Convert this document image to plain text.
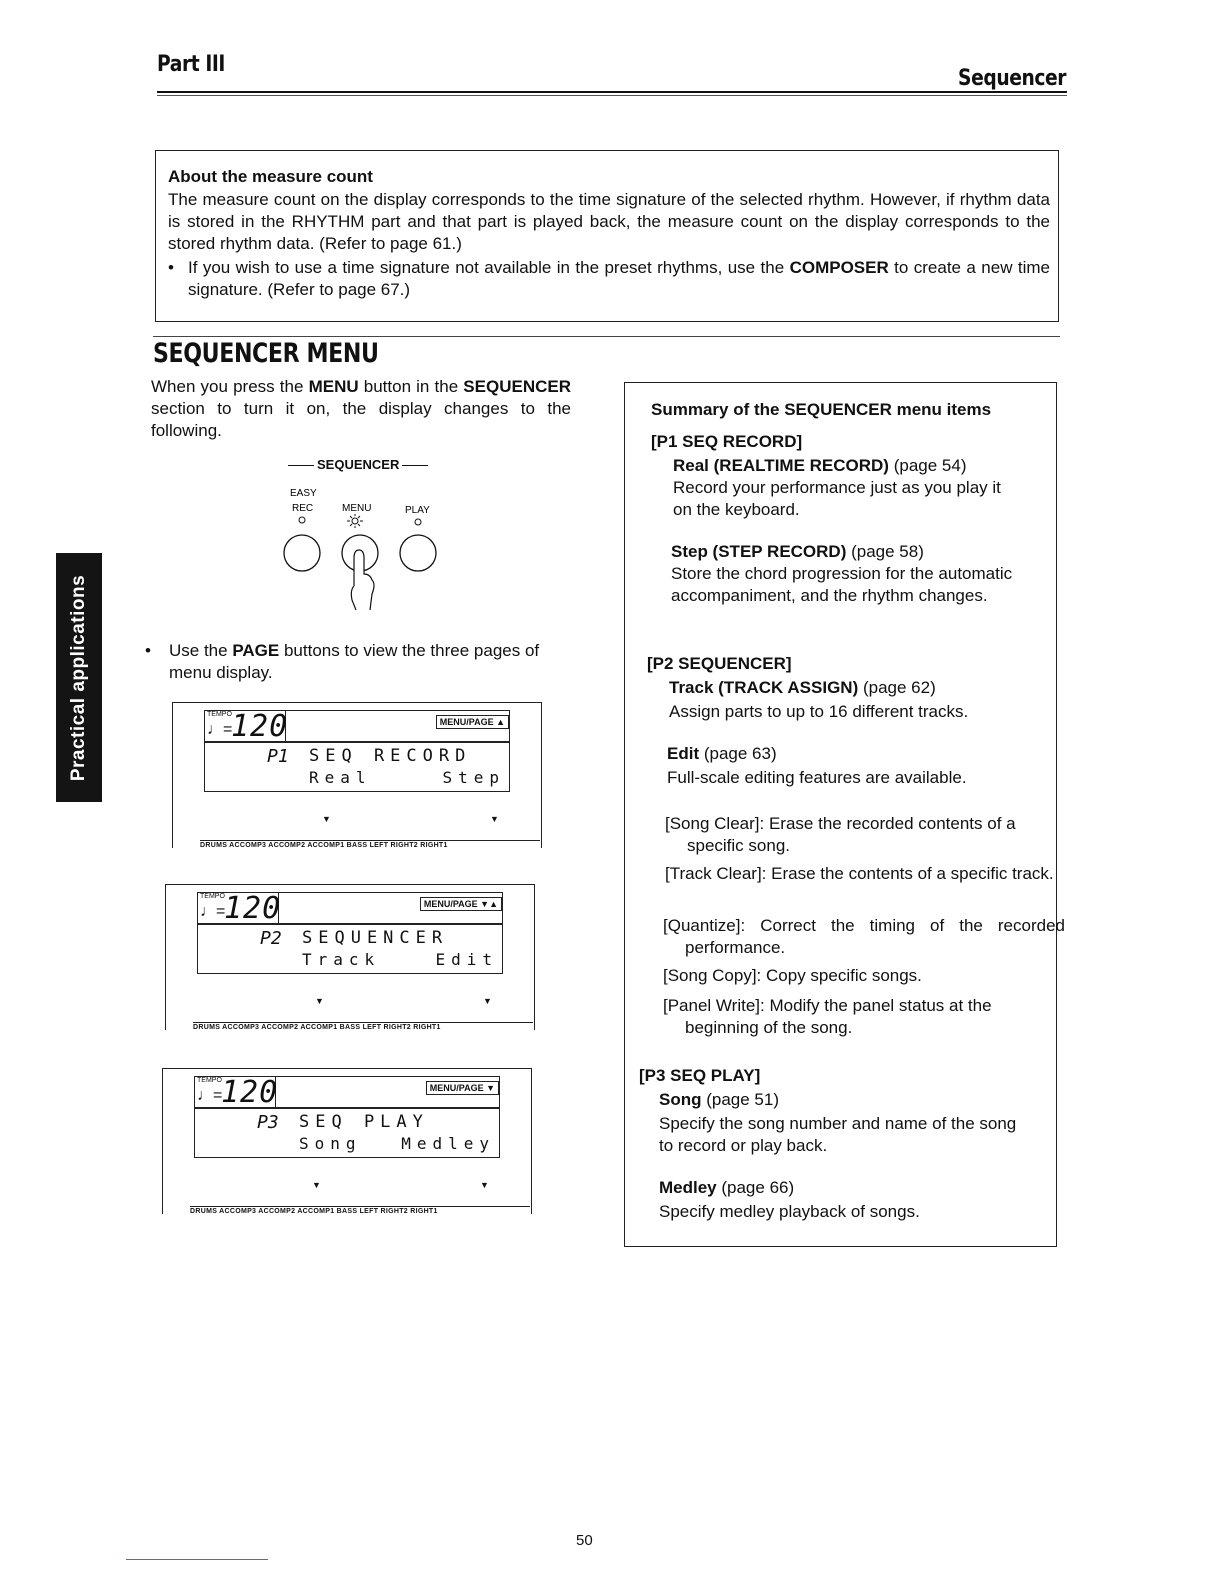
Part III
Sequencer
Practical applications
About the measure count
The measure count on the display corresponds to the time signature of the selected rhythm. However, if rhythm data is stored in the RHYTHM part and that part is played back, the measure count on the display corresponds to the stored rhythm data. (Refer to page 61.)
• If you wish to use a time signature not available in the preset rhythms, use the COMPOSER to create a new time signature. (Refer to page 67.)
SEQUENCER MENU
When you press the MENU button in the SEQUENCER section to turn it on, the display changes to the following.
SEQUENCER
EASY
REC	MENU	PLAY
•	Use the PAGE buttons to view the three pages of menu display.
TEMPO
♩=
120	MENU/PAGE ▲
P1 SEQ RECORD
Real	Step
▼	▼
DRUMS ACCOMP3 ACCOMP2 ACCOMP1 BASS LEFT RIGHT2 RIGHT1
TEMPO
♩=
120	MENU/PAGE ▼▲
P2 SEQUENCER
Track	Edit
▼	▼
DRUMS ACCOMP3 ACCOMP2 ACCOMP1 BASS LEFT RIGHT2 RIGHT1
TEMPO
♩=
120	MENU/PAGE ▼
P3 SEQ PLAY
Song Medley
▼	▼
DRUMS ACCOMP3 ACCOMP2 ACCOMP1 BASS LEFT RIGHT2 RIGHT1
Summary of the SEQUENCER menu items
[P1 SEQ RECORD]
Real (REALTIME RECORD) (page 54)
Record your performance just as you play it on the keyboard.
Step (STEP RECORD) (page 58)
Store the chord progression for the automatic accompaniment, and the rhythm changes.
[P2 SEQUENCER]
Track (TRACK ASSIGN) (page 62)
Assign parts to up to 16 different tracks.
Edit (page 63)
Full-scale editing features are available.
[Song Clear]: Erase the recorded contents of a specific song.
[Track Clear]: Erase the contents of a specific track.
[Quantize]: Correct the timing of the recorded performance.
[Song Copy]: Copy specific songs.
[Panel Write]: Modify the panel status at the beginning of the song.
[P3 SEQ PLAY]
Song (page 51)
Specify the song number and name of the song to record or play back.
Medley (page 66)
Specify medley playback of songs.
50
